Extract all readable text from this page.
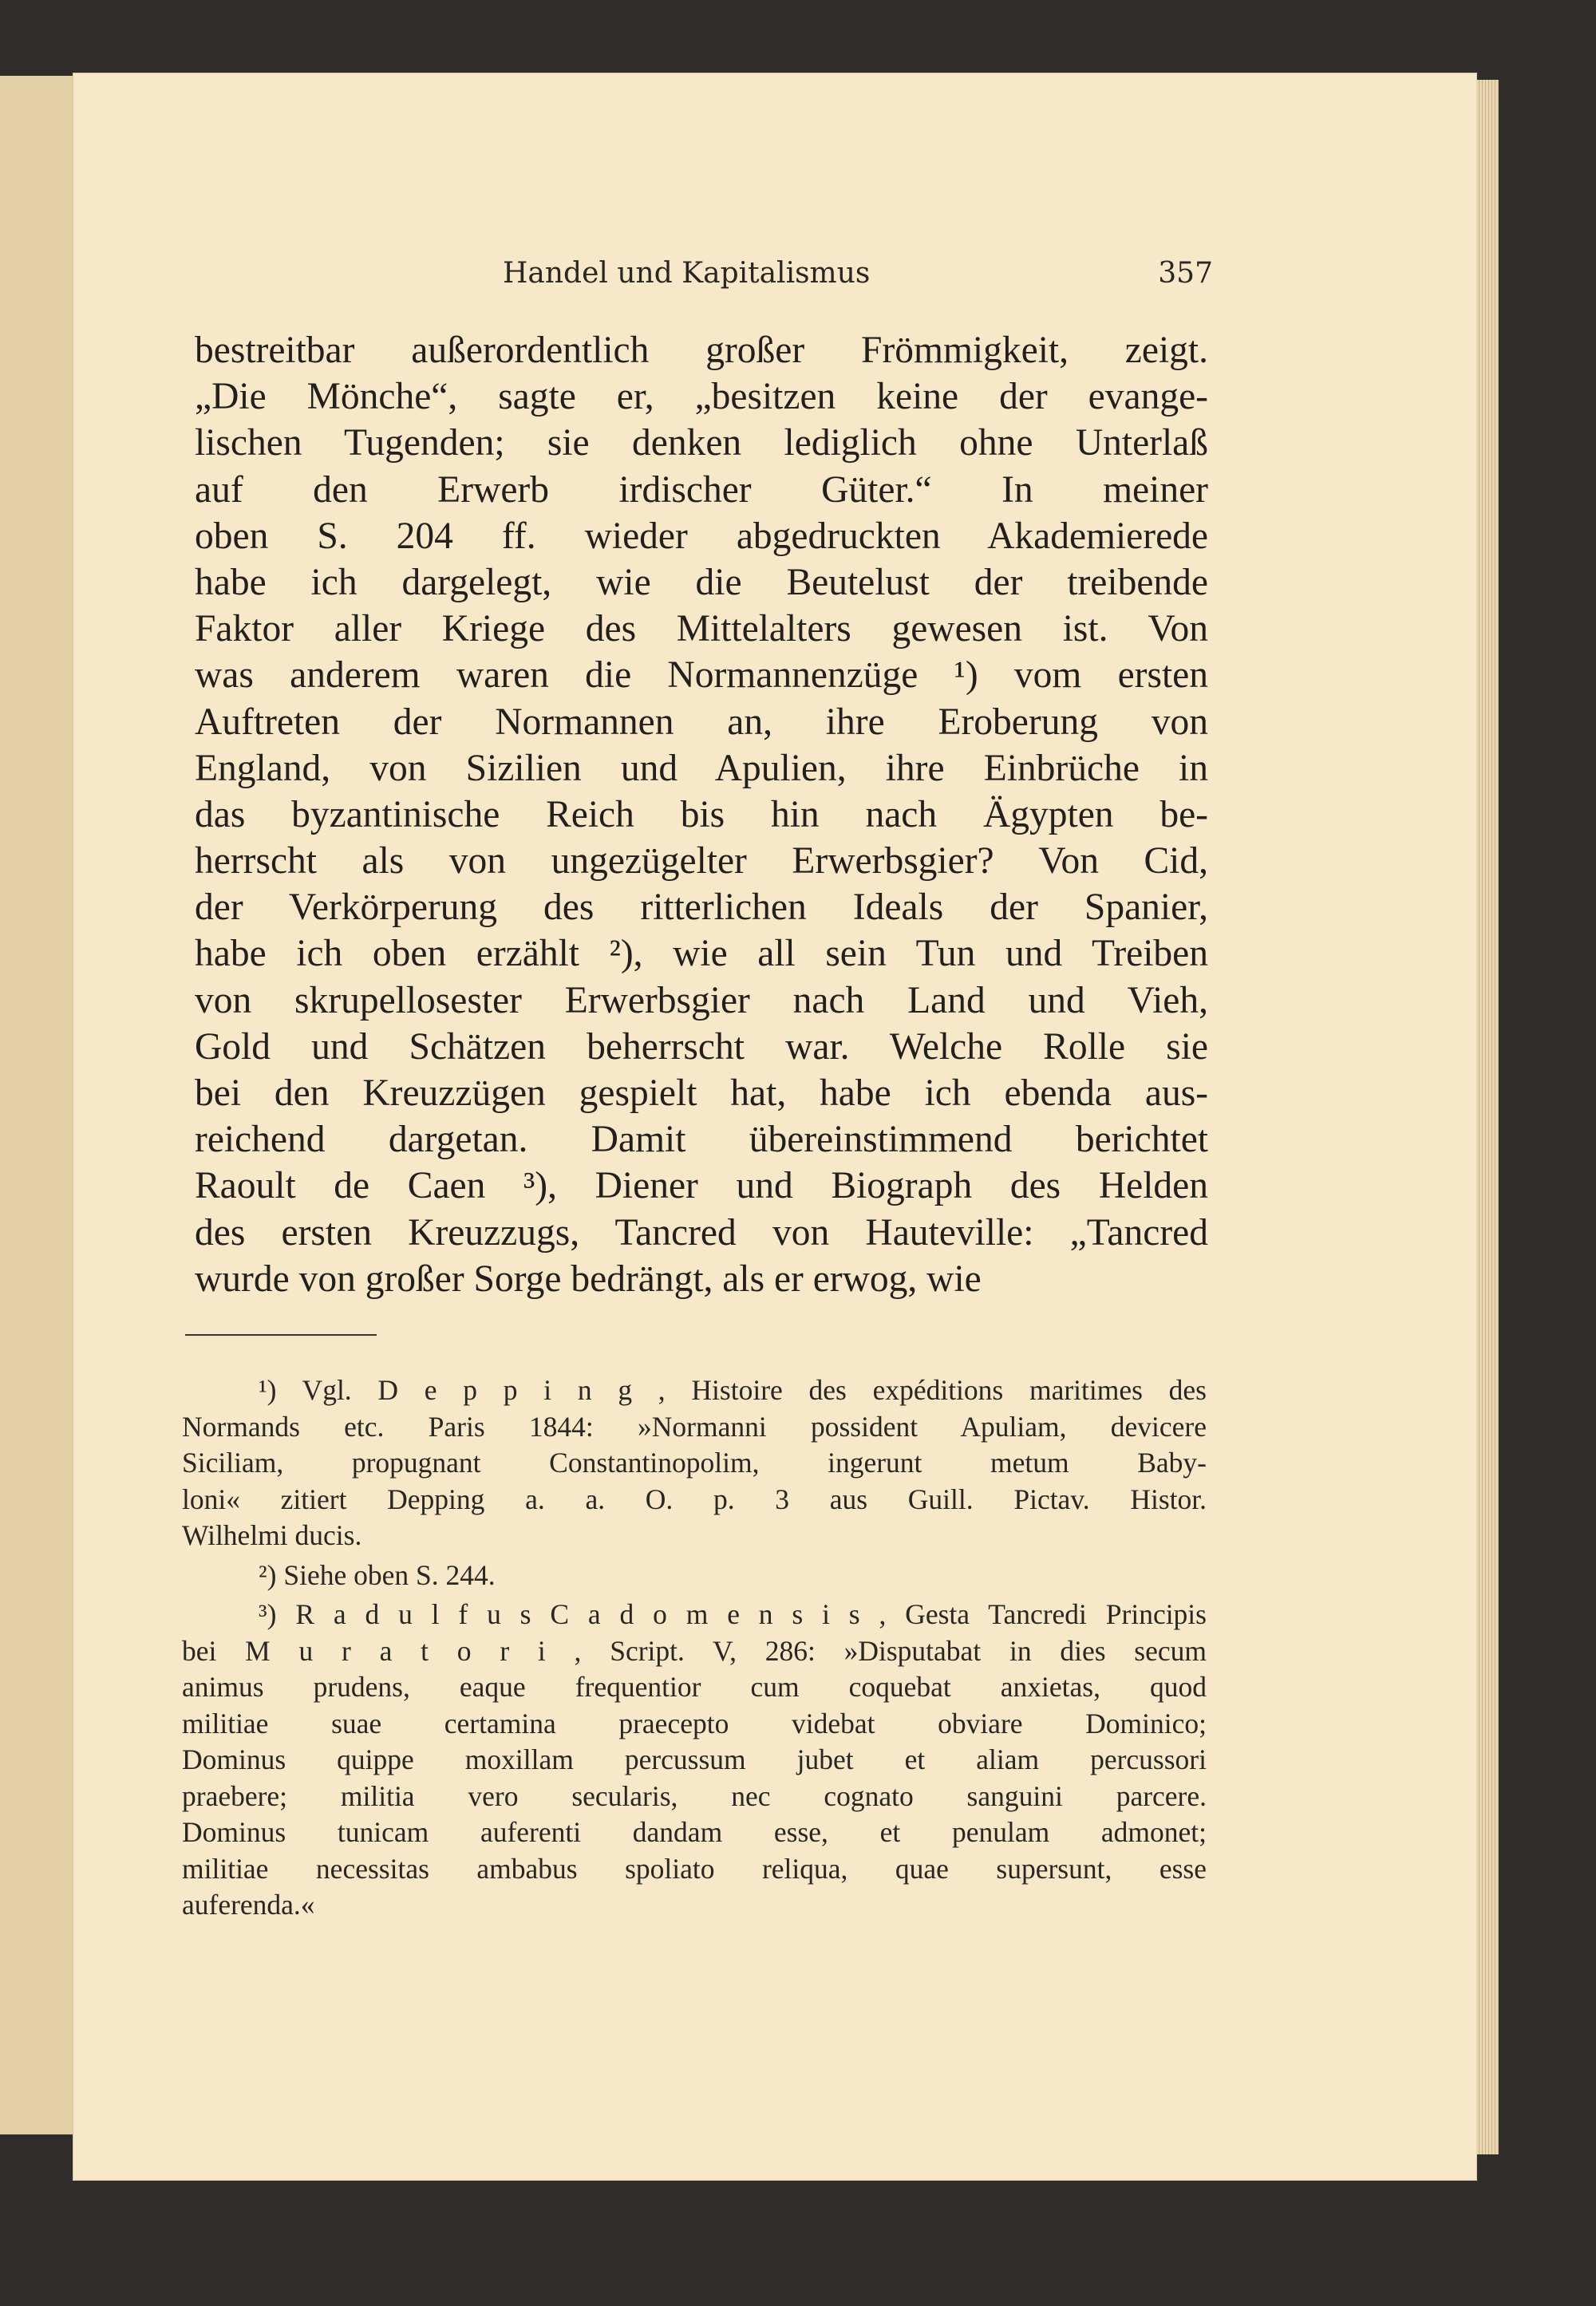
Handel und Kapitalismus	357
bestreitbar außerordentlich großer Frömmigkeit, zeigt.
„Die Mönche“, sagte er, „besitzen keine der evange-
lischen Tugenden; sie denken lediglich ohne Unterlaß
auf den Erwerb irdischer Güter.“ In meiner
oben S. 204 ff. wieder abgedruckten Akademierede
habe ich dargelegt, wie die Beutelust der treibende
Faktor aller Kriege des Mittelalters gewesen ist. Von
was anderem waren die Normannenzüge ¹) vom ersten
Auftreten der Normannen an, ihre Eroberung von
England, von Sizilien und Apulien, ihre Einbrüche in
das byzantinische Reich bis hin nach Ägypten be-
herrscht als von ungezügelter Erwerbsgier? Von Cid,
der Verkörperung des ritterlichen Ideals der Spanier,
habe ich oben erzählt ²), wie all sein Tun und Treiben
von skrupellosester Erwerbsgier nach Land und Vieh,
Gold und Schätzen beherrscht war. Welche Rolle sie
bei den Kreuzzügen gespielt hat, habe ich ebenda aus-
reichend dargetan. Damit übereinstimmend berichtet
Raoult de Caen ³), Diener und Biograph des Helden
des ersten Kreuzzugs, Tancred von Hauteville: „Tancred
wurde von großer Sorge bedrängt, als er erwog, wie
¹) Vgl. D e p p i n g , Histoire des expéditions maritimes des
Normands etc. Paris 1844: »Normanni possident Apuliam, devicere
Siciliam, propugnant Constantinopolim, ingerunt metum Baby-
loni« zitiert Depping a. a. O. p. 3 aus Guill. Pictav. Histor.
Wilhelmi ducis.
²) Siehe oben S. 244.
³) R a d u l f u s C a d o m e n s i s , Gesta Tancredi Principis
bei M u r a t o r i , Script. V, 286: »Disputabat in dies secum
animus prudens, eaque frequentior cum coquebat anxietas, quod
militiae suae certamina praecepto videbat obviare Dominico;
Dominus quippe moxillam percussum jubet et aliam percussori
praebere; militia vero secularis, nec cognato sanguini parcere.
Dominus tunicam auferenti dandam esse, et penulam admonet;
militiae necessitas ambabus spoliato reliqua, quae supersunt, esse
auferenda.«
